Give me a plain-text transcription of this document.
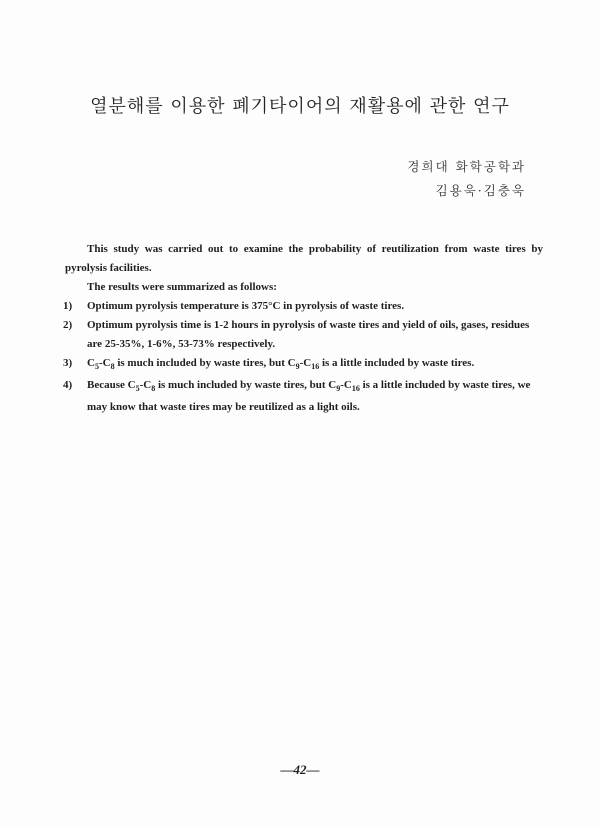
열분해를 이용한 폐기타이어의 재활용에 관한 연구
경희대 화학공학과
김용욱·김충욱

This study was carried out to examine the probability of reutilization from waste tires by pyrolysis facilities.

The results were summarized as follows:

1) Optimum pyrolysis temperature is 375°C in pyrolysis of waste tires.
2) Optimum pyrolysis time is 1-2 hours in pyrolysis of waste tires and yield of oils, gases, residues are 25-35%, 1-6%, 53-73% respectively.
3) $C_5-C_8$ is much included by waste tires, but $C_9-C_{16}$ is a little included by waste tires.
4) Because $C_5-C_8$ is much included by waste tires, but $C_9-C_{16}$ is a little included by waste tires, we may know that waste tires may be reutilized as a light oils.
—42—
